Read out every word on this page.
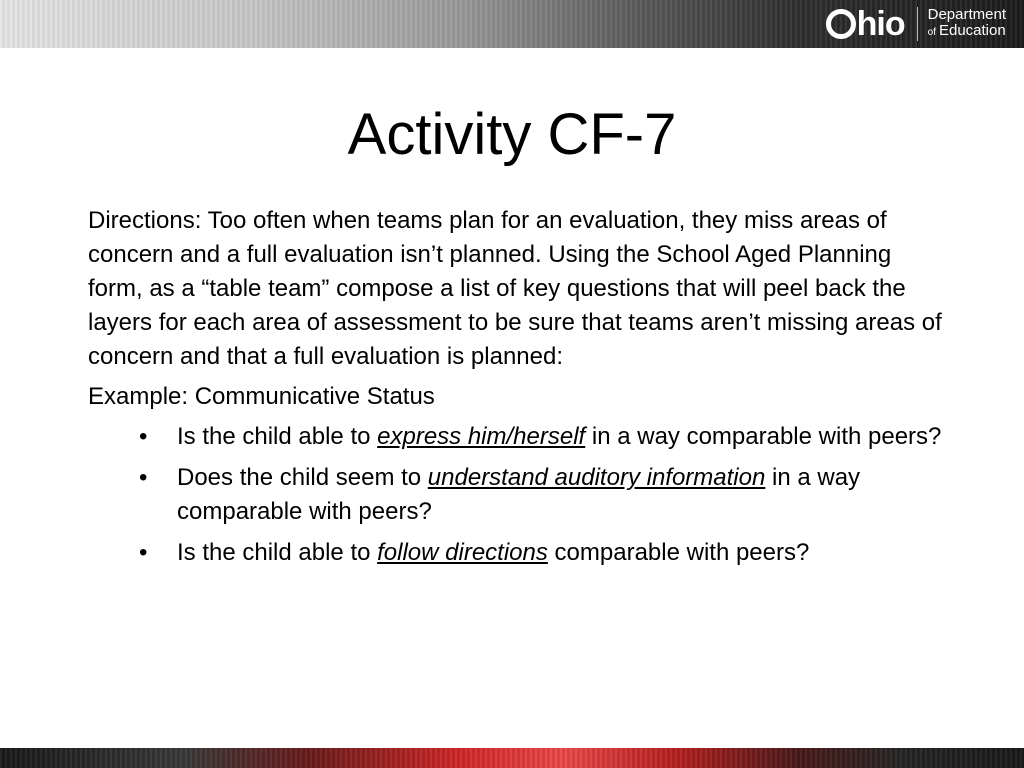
hio Department
of Education
Activity CF-7

Directions: Too often when teams plan for an evaluation, they miss areas of concern and a full evaluation isn’t planned. Using the School Aged Planning form, as a “table team” compose a list of key questions that will peel back the layers for each area of assessment to be sure that teams aren’t missing areas of concern and that a full evaluation is planned:

Example: Communicative Status

• Is the child able to express him/herself in a way comparable with peers?
• Does the child seem to understand auditory information in a way comparable with peers?
• Is the child able to follow directions comparable with peers?
